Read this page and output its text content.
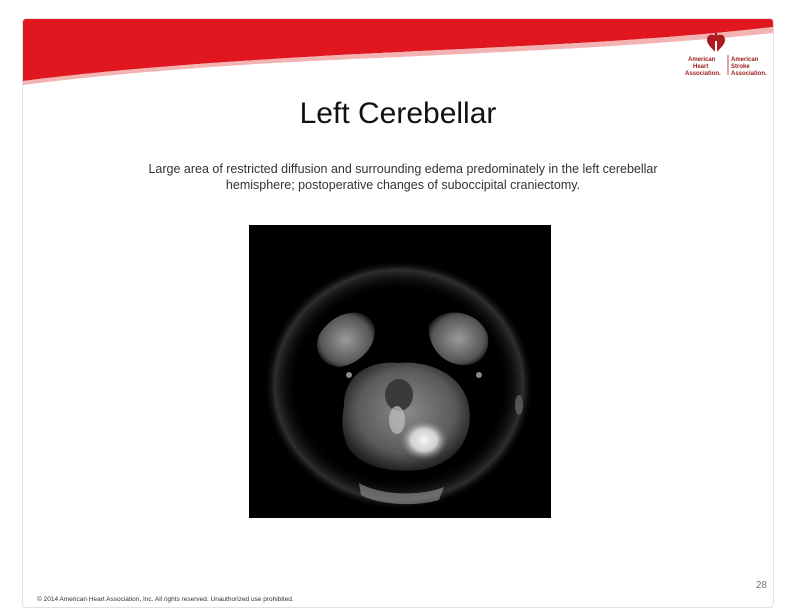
American
Heart
Association.
American
Stroke
Association.
Left Cerebellar
Large area of restricted diffusion and surrounding edema predominately in the left cerebellar
hemisphere; postoperative changes of suboccipital craniectomy.
28
© 2014 American Heart Association, Inc. All rights reserved. Unauthorized use prohibited.
